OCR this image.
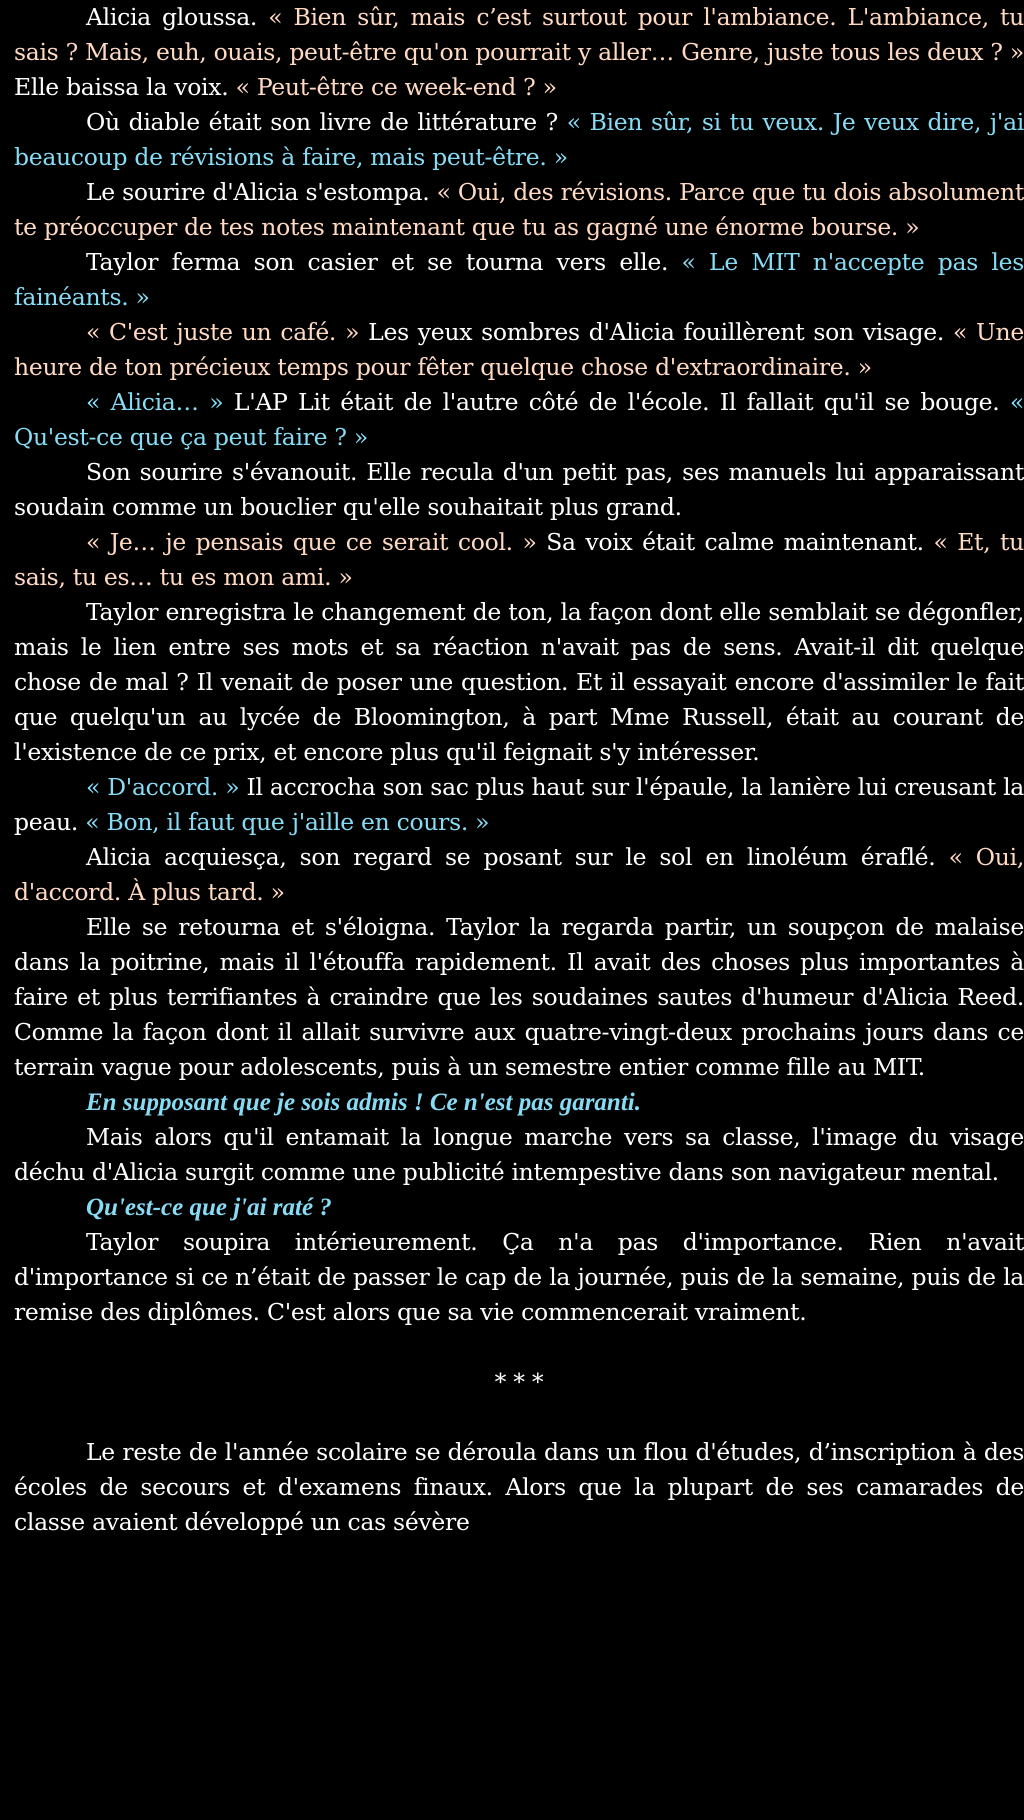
Alicia gloussa. « Bien sûr, mais c’est surtout pour l'ambiance. L'ambiance, tu sais ? Mais, euh, ouais, peut-être qu'on pourrait y aller… Genre, juste tous les deux ? » Elle baissa la voix. « Peut-être ce week-end ? »

Où diable était son livre de littérature ? « Bien sûr, si tu veux. Je veux dire, j'ai beaucoup de révisions à faire, mais peut-être. »

Le sourire d'Alicia s'estompa. « Oui, des révisions. Parce que tu dois absolument te préoccuper de tes notes maintenant que tu as gagné une énorme bourse. »

Taylor ferma son casier et se tourna vers elle. « Le MIT n'accepte pas les fainéants. »

« C'est juste un café. » Les yeux sombres d'Alicia fouillèrent son visage. « Une heure de ton précieux temps pour fêter quelque chose d'extraordinaire. »

« Alicia… » L'AP Lit était de l'autre côté de l'école. Il fallait qu'il se bouge. « Qu'est-ce que ça peut faire ? »

Son sourire s'évanouit. Elle recula d'un petit pas, ses manuels lui apparaissant soudain comme un bouclier qu'elle souhaitait plus grand.

« Je… je pensais que ce serait cool. » Sa voix était calme maintenant. « Et, tu sais, tu es… tu es mon ami. »

Taylor enregistra le changement de ton, la façon dont elle semblait se dégonfler, mais le lien entre ses mots et sa réaction n'avait pas de sens. Avait-il dit quelque chose de mal ? Il venait de poser une question. Et il essayait encore d'assimiler le fait que quelqu'un au lycée de Bloomington, à part Mme Russell, était au courant de l'existence de ce prix, et encore plus qu'il feignait s'y intéresser.

« D'accord. » Il accrocha son sac plus haut sur l'épaule, la lanière lui creusant la peau. « Bon, il faut que j'aille en cours. »

Alicia acquiesça, son regard se posant sur le sol en linoléum éraflé. « Oui, d'accord. À plus tard. »

Elle se retourna et s'éloigna. Taylor la regarda partir, un soupçon de malaise dans la poitrine, mais il l'étouffa rapidement. Il avait des choses plus importantes à faire et plus terrifiantes à craindre que les soudaines sautes d'humeur d'Alicia Reed. Comme la façon dont il allait survivre aux quatre-vingt-deux prochains jours dans ce terrain vague pour adolescents, puis à un semestre entier comme fille au MIT.

En supposant que je sois admis ! Ce n'est pas garanti.

Mais alors qu'il entamait la longue marche vers sa classe, l'image du visage déchu d'Alicia surgit comme une publicité intempestive dans son navigateur mental.

Qu'est-ce que j'ai raté ?

Taylor soupira intérieurement. Ça n'a pas d'importance. Rien n'avait d'importance si ce n’était de passer le cap de la journée, puis de la semaine, puis de la remise des diplômes. C'est alors que sa vie commencerait vraiment.

* * *

Le reste de l'année scolaire se déroula dans un flou d'études, d’inscription à des écoles de secours et d'examens finaux. Alors que la plupart de ses camarades de classe avaient développé un cas sévère
